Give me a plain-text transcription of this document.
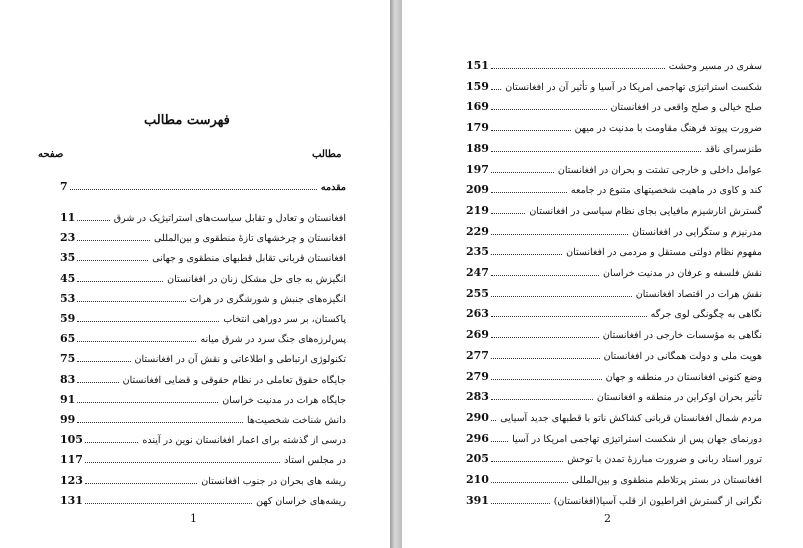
فهرست مطالب
مطالب
صفحه
مقدمه
7
افغانستان و تعادل و تقابل سیاست‌های استراتیژیک در شرق
11
افغانستان و چرخشهای تازهٔ منطقوی و بین‌المللی
23
افغانستان قربانی تقابل قطبهای منطقوی و جهانی
35
انگیزش به جای حل مشکل زنان در افغانستان
45
انگیزه‌های جنبش و شورشگری در هرات
53
پاکستان، بر سر دوراهی انتخاب
59
پس‌لرزه‌های جنگ سرد در شرق میانه
65
تکنولوژی ارتباطی و اطلاعاتی و نقش آن در افغانستان
75
جایگاه حقوق تعاملی در نظام حقوقی و قضایی افغانستان
83
جایگاه هرات در مدنیت خراسان
91
دانش شناخت شخصیت‌ها
99
درسی از گذشته برای اعمار افغانستان نوین در آینده
105
در مجلس استاد
117
ریشه های بحران در جنوب افغانستان
123
ریشه‌های خراسان کهن
131
1
سفری در مسیر وحشت
151
شکست استراتیژی تهاجمی امریکا در آسیا و تأثیر آن در افغانستان
159
صلح خیالی و صلح واقعی در افغانستان
169
ضرورت پیوند فرهنگ مقاومت با مدنیت در میهن
179
طنزسرای ناقد
189
عوامل داخلی و خارجی تشتت و بحران در افغانستان
197
کند و کاوی در ماهیت شخصیتهای متنوع در جامعه
209
گسترش انارشیزم مافیایی بجای نظام سیاسی در افغانستان
219
مدرنیزم و ستگرایی در افغانستان
229
مفهوم نظام دولتی مستقل و مردمی در افغانستان
235
نقش فلسفه و عرفان در مدنیت خراسان
247
نقش هرات در اقتصاد افغانستان
255
نگاهی به چگونگی لوی جرگه
263
نگاهی به مؤسسات خارجی در افغانستان
269
هویت ملی و دولت همگانی در افغانستان
277
وضع کنونی افغانستان در منطقه و جهان
279
تأثیر بحران اوکراین در منطقه و افغانستان
283
مردم شمال افغانستان قربانی کشاکش ناتو با قطبهای جدید آسیایی
290
دورنمای جهان پس از شکست استراتیژی تهاجمی امریکا در آسیا
296
ترور استاد ربانی و ضرورت مبارزهٔ تمدن با توحش
205
افغانستان در بستر پرتلاطم منطقوی و بین‌المللی
210
نگرانی از گسترش افراطیون از قلب آسیا(افغانستان)
391
2
